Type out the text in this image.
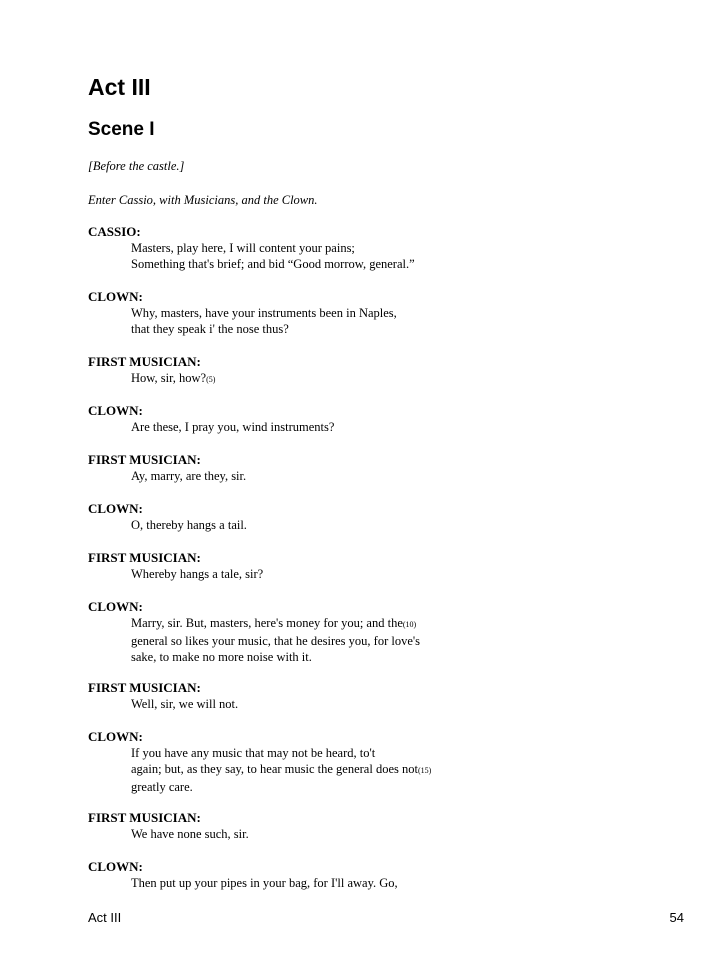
Act III
Scene I

[Before the castle.]

Enter Cassio, with Musicians, and the Clown.

CASSIO:

Masters, play here, I will content your pains;

Something that's brief; and bid “Good morrow, general.”

CLOWN:

Why, masters, have your instruments been in Naples,

that they speak i' the nose thus?

FIRST MUSICIAN:

How, sir, how?(5)

CLOWN:

Are these, I pray you, wind instruments?

FIRST MUSICIAN:

Ay, marry, are they, sir.

CLOWN:

O, thereby hangs a tail.

FIRST MUSICIAN:

Whereby hangs a tale, sir?

CLOWN:

Marry, sir. But, masters, here's money for you; and the(10)

general so likes your music, that he desires you, for love's

sake, to make no more noise with it.

FIRST MUSICIAN:

Well, sir, we will not.

CLOWN:

If you have any music that may not be heard, to't

again; but, as they say, to hear music the general does not(15)

greatly care.

FIRST MUSICIAN:

We have none such, sir.

CLOWN:

Then put up your pipes in your bag, for I'll away. Go,

Act III	54
